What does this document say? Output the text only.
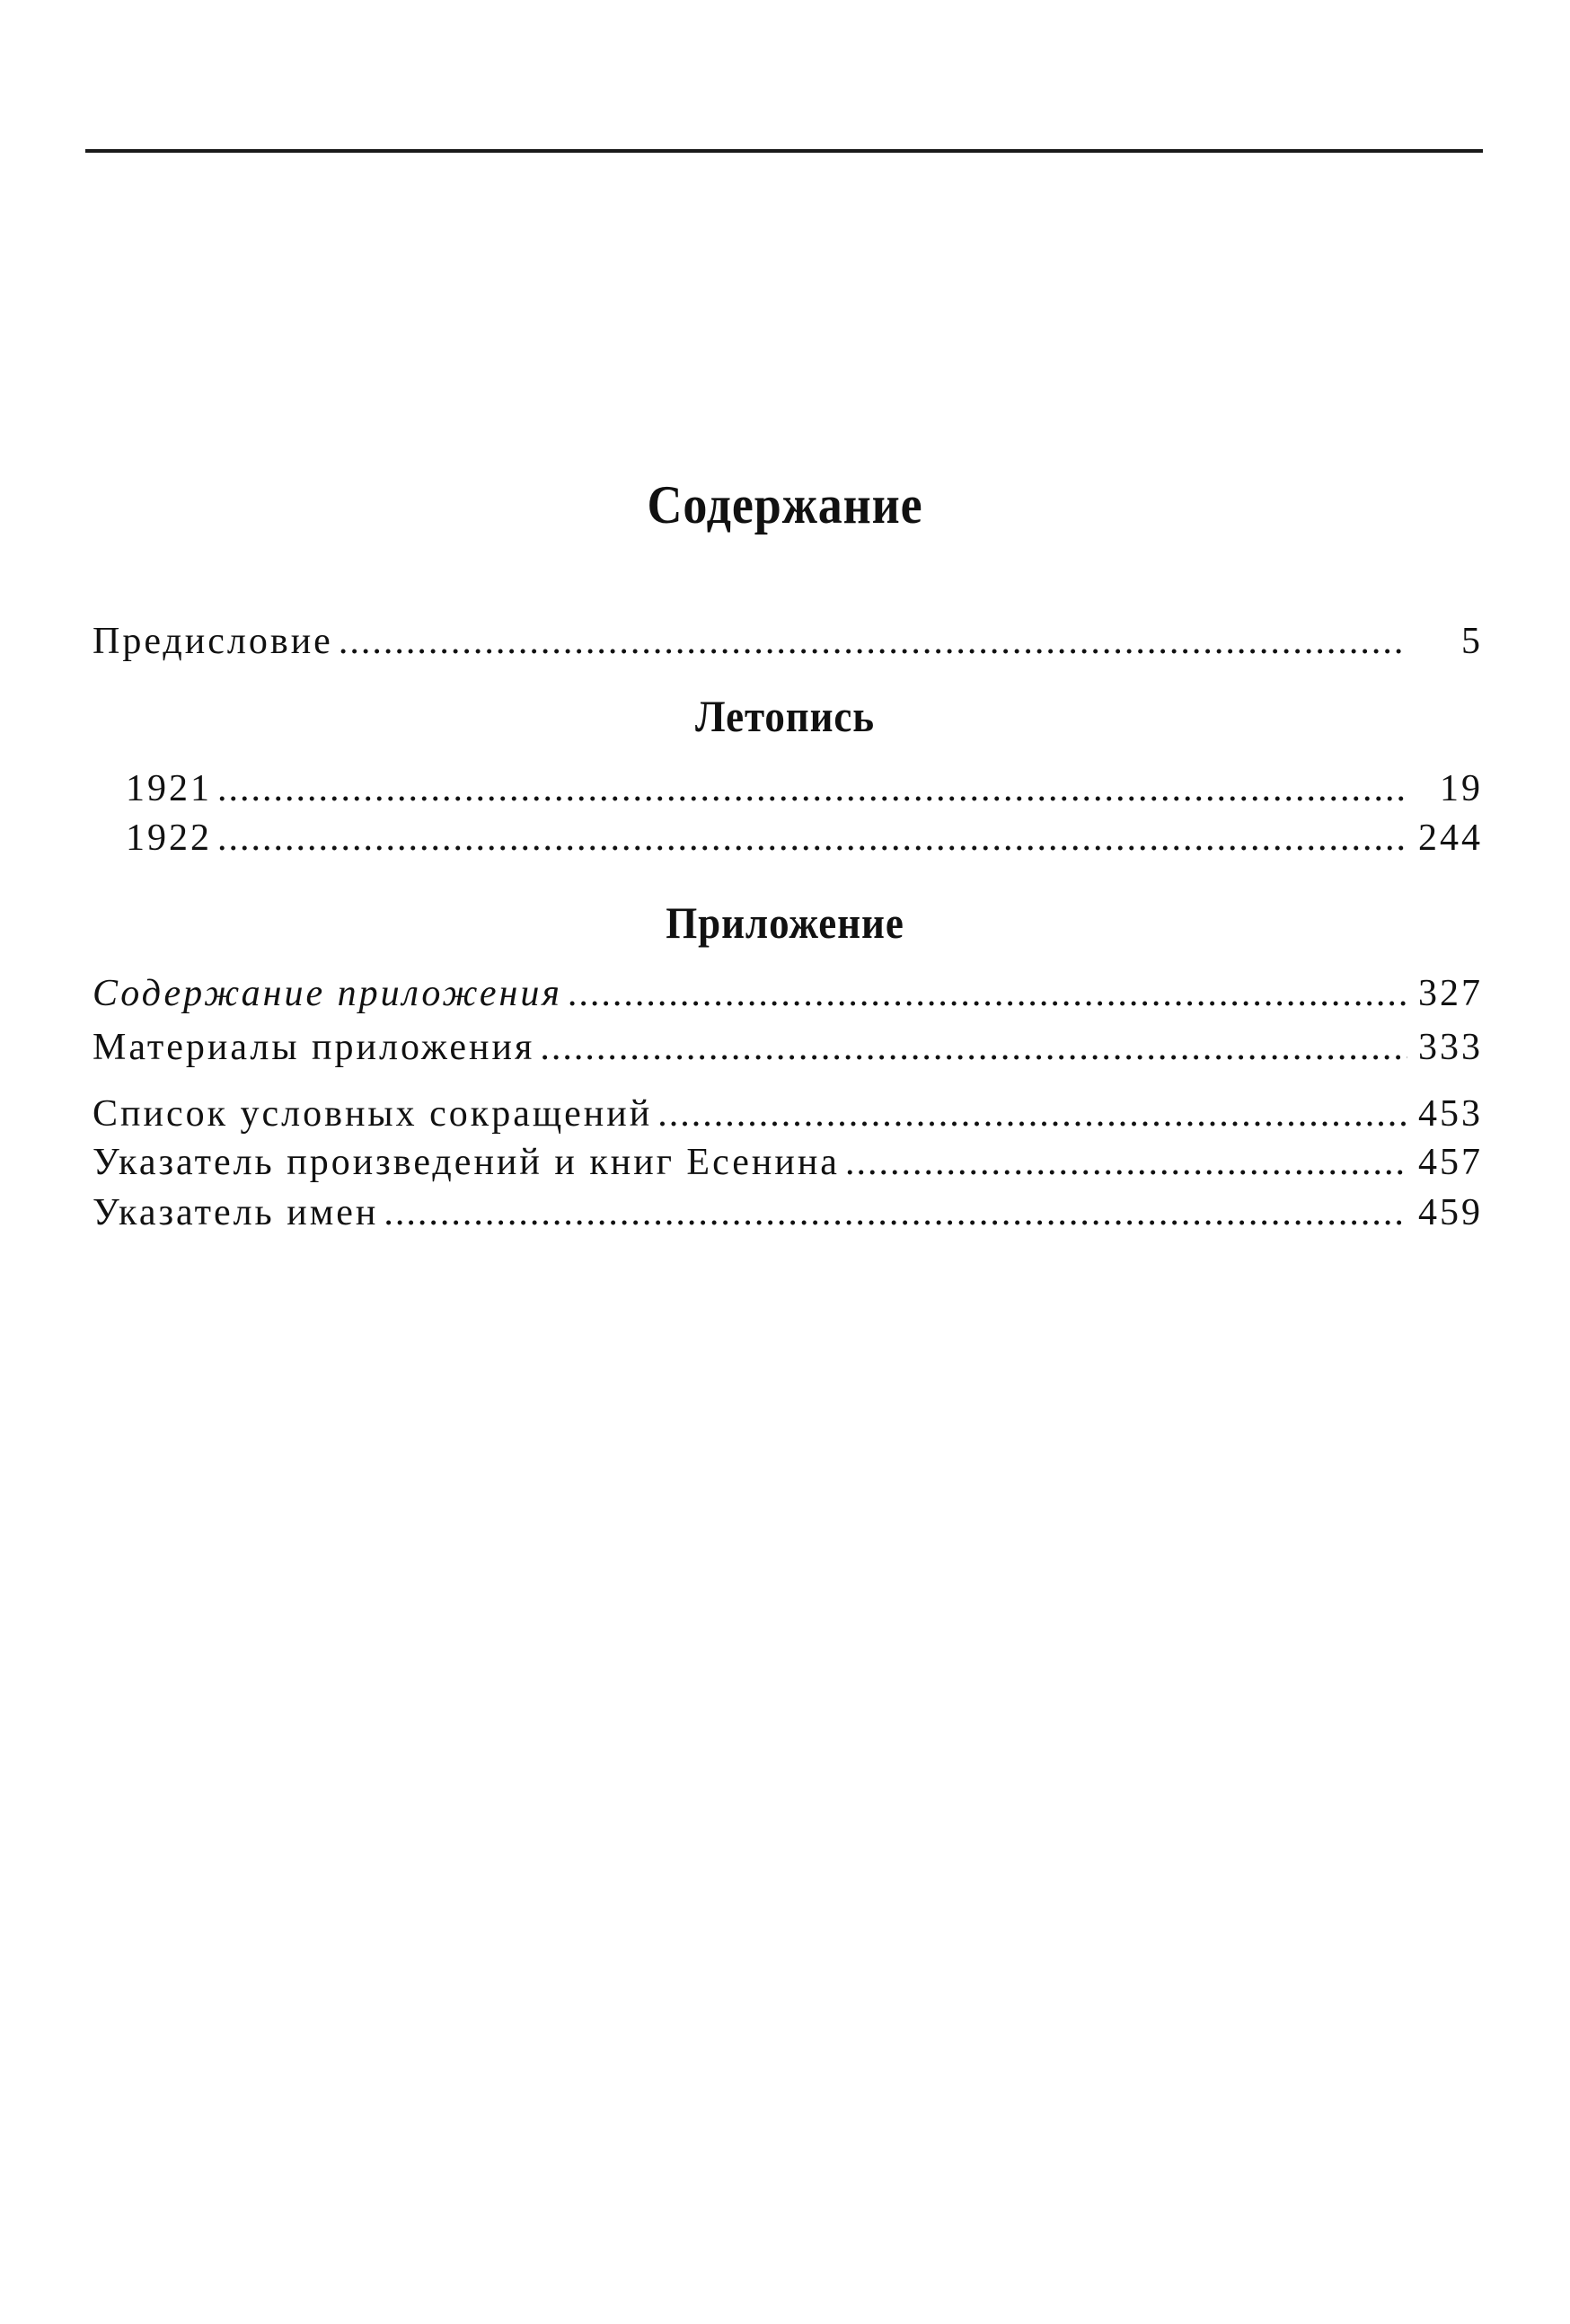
Содержание
Предисловие .....	5
Летопись
1921 .....	19
1922 .....	244
Приложение
Содержание приложения .....	327
Материалы приложения .....	333
Список условных сокращений .....	453
Указатель произведений и книг Есенина .....	457
Указатель имен .....	459
